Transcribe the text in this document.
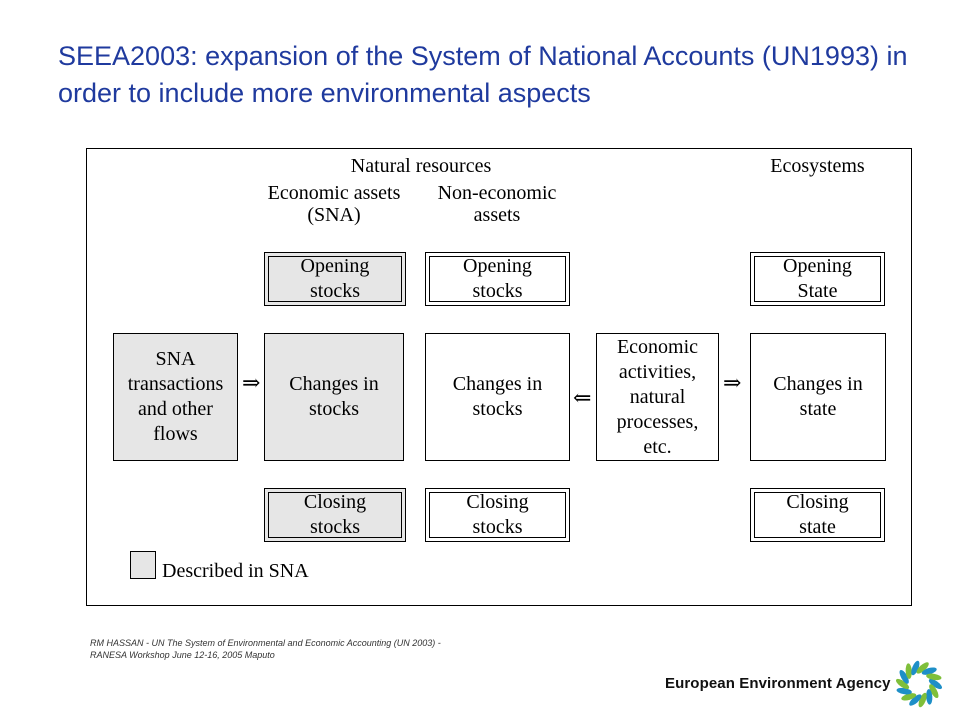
SEEA2003: expansion of the System of National Accounts (UN1993) in order to include more environmental aspects
Natural resources	Ecosystems
Economic assets (SNA)
Non-economic assets
Opening stocks
Opening stocks
Opening State
SNA transactions and other flows
⇒	Changes in stocks
Changes in stocks	⇐
Economic activities, natural processes, etc.
⇒ Changes in state
Closing stocks
Closing stocks
Closing state
Described in SNA
RM HASSAN - UN The System of Environmental and Economic Accounting (UN 2003) -
RANESA Workshop June 12-16, 2005 Maputo
European Environment Agency
